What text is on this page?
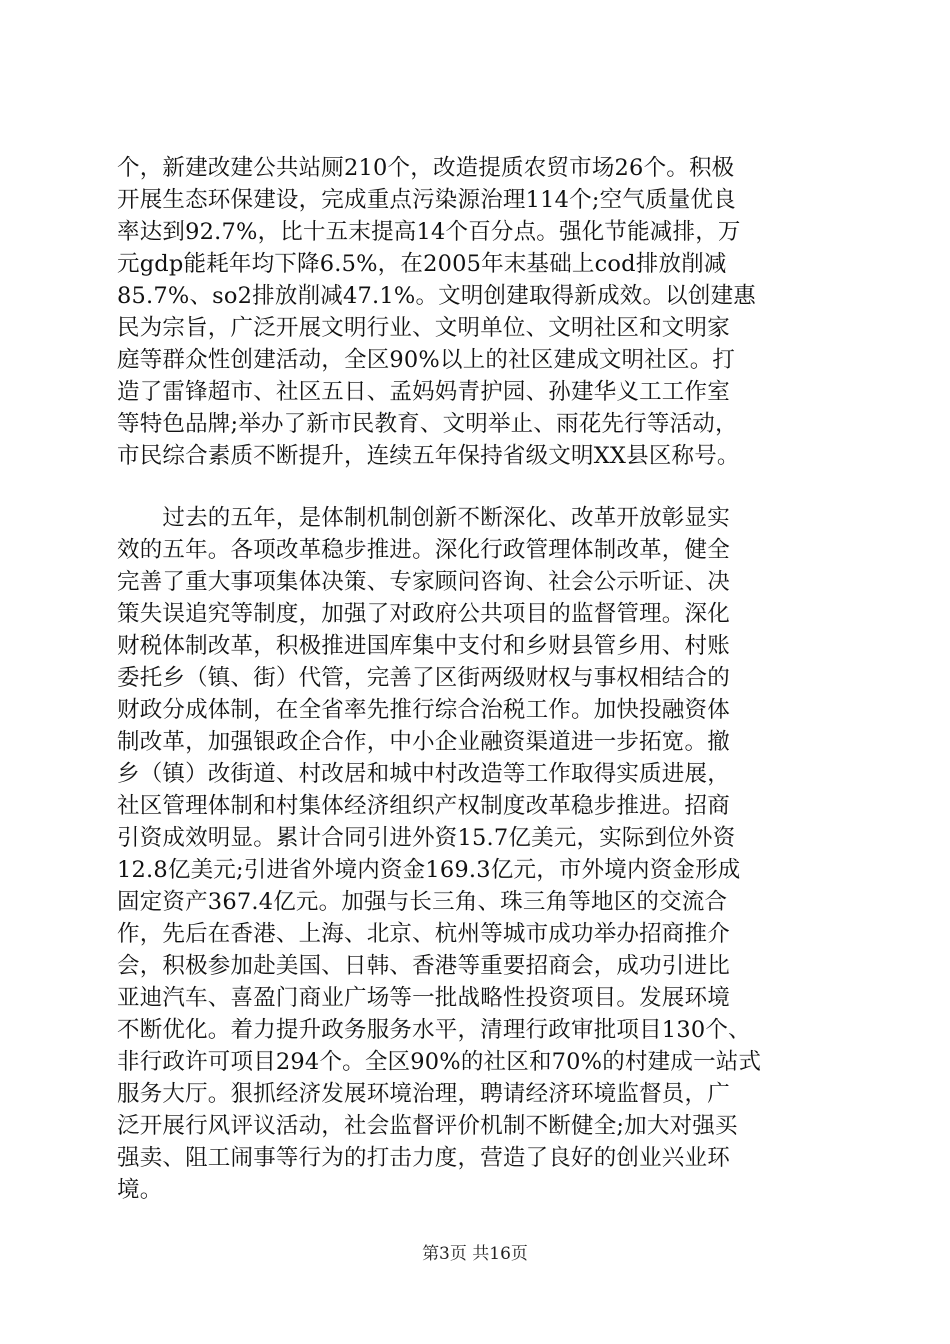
个，新建改建公共站厕210个，改造提质农贸市场26个。积极
开展生态环保建设，完成重点污染源治理114个;空气质量优良
率达到92.7%，比十五末提高14个百分点。强化节能减排，万
元gdp能耗年均下降6.5%，在2005年末基础上cod排放削减
85.7%、so2排放削减47.1%。文明创建取得新成效。以创建惠
民为宗旨，广泛开展文明行业、文明单位、文明社区和文明家
庭等群众性创建活动，全区90%以上的社区建成文明社区。打
造了雷锋超市、社区五日、孟妈妈青护园、孙建华义工工作室
等特色品牌;举办了新市民教育、文明举止、雨花先行等活动，
市民综合素质不断提升，连续五年保持省级文明XX县区称号。
　　过去的五年，是体制机制创新不断深化、改革开放彰显实
效的五年。各项改革稳步推进。深化行政管理体制改革，健全
完善了重大事项集体决策、专家顾问咨询、社会公示听证、决
策失误追究等制度，加强了对政府公共项目的监督管理。深化
财税体制改革，积极推进国库集中支付和乡财县管乡用、村账
委托乡（镇、街）代管，完善了区街两级财权与事权相结合的
财政分成体制，在全省率先推行综合治税工作。加快投融资体
制改革，加强银政企合作，中小企业融资渠道进一步拓宽。撤
乡（镇）改街道、村改居和城中村改造等工作取得实质进展，
社区管理体制和村集体经济组织产权制度改革稳步推进。招商
引资成效明显。累计合同引进外资15.7亿美元，实际到位外资
12.8亿美元;引进省外境内资金169.3亿元，市外境内资金形成
固定资产367.4亿元。加强与长三角、珠三角等地区的交流合
作，先后在香港、上海、北京、杭州等城市成功举办招商推介
会，积极参加赴美国、日韩、香港等重要招商会，成功引进比
亚迪汽车、喜盈门商业广场等一批战略性投资项目。发展环境
不断优化。着力提升政务服务水平，清理行政审批项目130个、
非行政许可项目294个。全区90%的社区和70%的村建成一站式
服务大厅。狠抓经济发展环境治理，聘请经济环境监督员，广
泛开展行风评议活动，社会监督评价机制不断健全;加大对强买
强卖、阻工闹事等行为的打击力度，营造了良好的创业兴业环
境。
第3页 共16页
